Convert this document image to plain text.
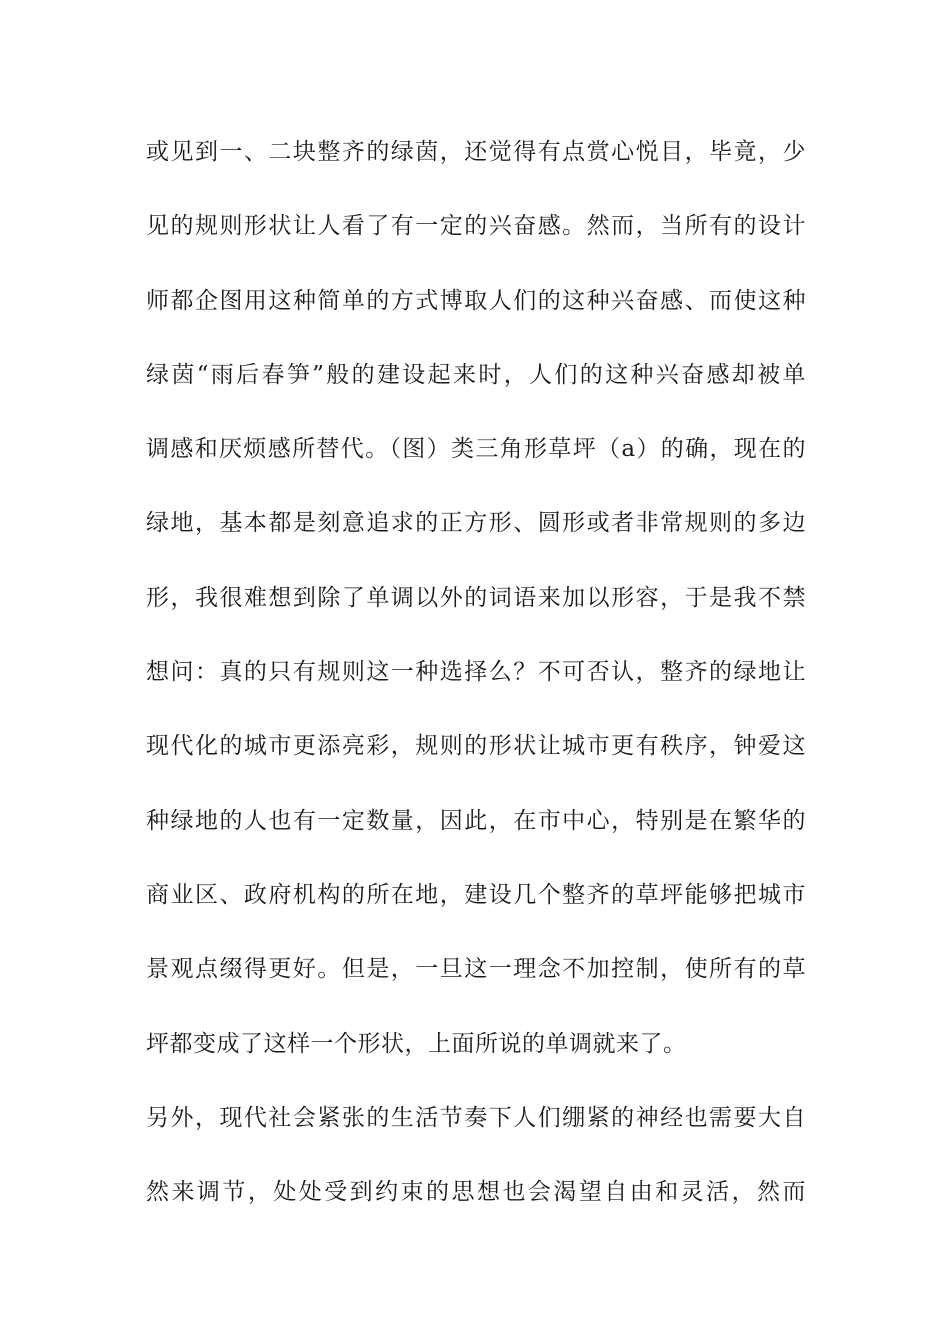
或见到一、二块整齐的绿茵，还觉得有点赏心悦目，毕竟，少
见的规则形状让人看了有一定的兴奋感。然而，当所有的设计
师都企图用这种简单的方式博取人们的这种兴奋感、而使这种
绿茵“雨后春笋”般的建设起来时，人们的这种兴奋感却被单
调感和厌烦感所替代。（图）类三角形草坪（a）的确，现在的
绿地，基本都是刻意追求的正方形、圆形或者非常规则的多边
形，我很难想到除了单调以外的词语来加以形容，于是我不禁
想问：真的只有规则这一种选择么？不可否认，整齐的绿地让
现代化的城市更添亮彩，规则的形状让城市更有秩序，钟爱这
种绿地的人也有一定数量，因此，在市中心，特别是在繁华的
商业区、政府机构的所在地，建设几个整齐的草坪能够把城市
景观点缀得更好。但是，一旦这一理念不加控制，使所有的草
坪都变成了这样一个形状，上面所说的单调就来了。
另外，现代社会紧张的生活节奏下人们绷紧的神经也需要大自
然来调节，处处受到约束的思想也会渴望自由和灵活，然而
